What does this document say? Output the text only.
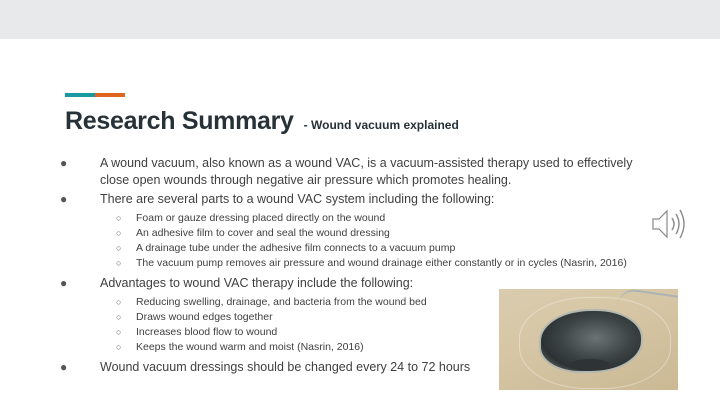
Research Summary - Wound vacuum explained

●	A wound vacuum, also known as a wound VAC, is a vacuum-assisted therapy used to effectively close open wounds through negative air pressure which promotes healing.

●	There are several parts to a wound VAC system including the following:

○ Foam or gauze dressing placed directly on the wound
○ An adhesive film to cover and seal the wound dressing
○ A drainage tube under the adhesive film connects to a vacuum pump
○ The vacuum pump removes air pressure and wound drainage either constantly or in cycles (Nasrin, 2016)

●	Advantages to wound VAC therapy include the following:

○ Reducing swelling, drainage, and bacteria from the wound bed
○ Draws wound edges together
○ Increases blood flow to wound
○ Keeps the wound warm and moist (Nasrin, 2016)

●	Wound vacuum dressings should be changed every 24 to 72 hours
